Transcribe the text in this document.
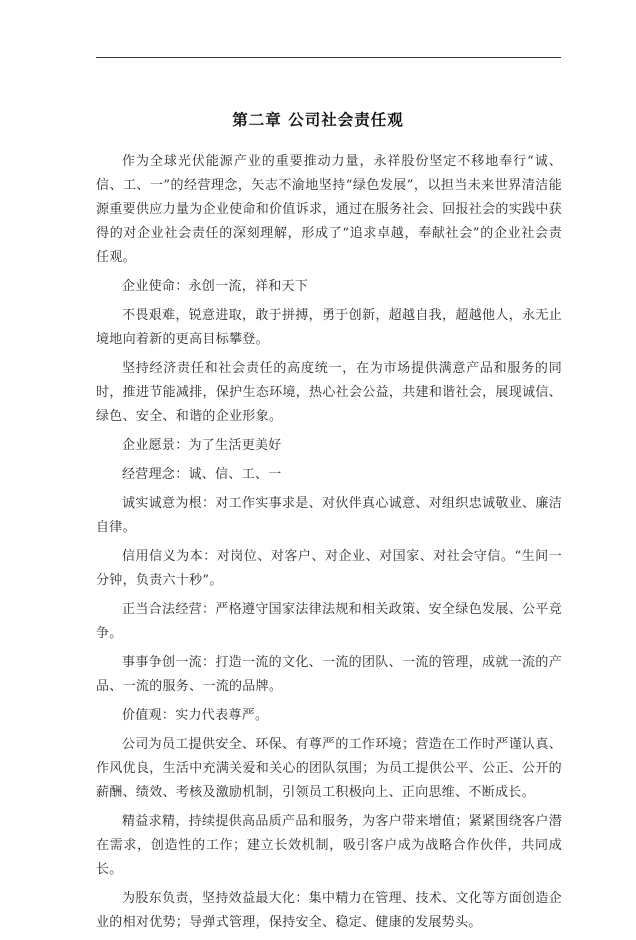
第二章 公司社会责任观

作为全球光伏能源产业的重要推动力量，永祥股份坚定不移地奉行“诚、信、工、一”的经营理念，矢志不渝地坚持“绿色发展”，以担当未来世界清洁能源重要供应力量为企业使命和价值诉求，通过在服务社会、回报社会的实践中获得的对企业社会责任的深刻理解，形成了“追求卓越，奉献社会”的企业社会责任观。

企业使命：永创一流，祥和天下

不畏艰难，锐意进取，敢于拼搏，勇于创新，超越自我，超越他人，永无止境地向着新的更高目标攀登。

坚持经济责任和社会责任的高度统一，在为市场提供满意产品和服务的同时，推进节能减排，保护生态环境，热心社会公益，共建和谐社会，展现诚信、绿色、安全、和谐的企业形象。

企业愿景：为了生活更美好

经营理念：诚、信、工、一

诚实诚意为根：对工作实事求是、对伙伴真心诚意、对组织忠诚敬业、廉洁自律。

信用信义为本：对岗位、对客户、对企业、对国家、对社会守信。“生间一分钟，负责六十秒”。

正当合法经营：严格遵守国家法律法规和相关政策、安全绿色发展、公平竞争。

事事争创一流：打造一流的文化、一流的团队、一流的管理，成就一流的产品、一流的服务、一流的品牌。

价值观：实力代表尊严。

公司为员工提供安全、环保、有尊严的工作环境；营造在工作时严谨认真、作风优良，生活中充满关爱和关心的团队氛围；为员工提供公平、公正、公开的薪酬、绩效、考核及激励机制，引领员工积极向上、正向思维、不断成长。

精益求精，持续提供高品质产品和服务，为客户带来增值；紧紧围绕客户潜在需求，创造性的工作；建立长效机制，吸引客户成为战略合作伙伴，共同成长。

为股东负责，坚持效益最大化：集中精力在管理、技术、文化等方面创造企业的相对优势；导弹式管理，保持安全、稳定、健康的发展势头。
